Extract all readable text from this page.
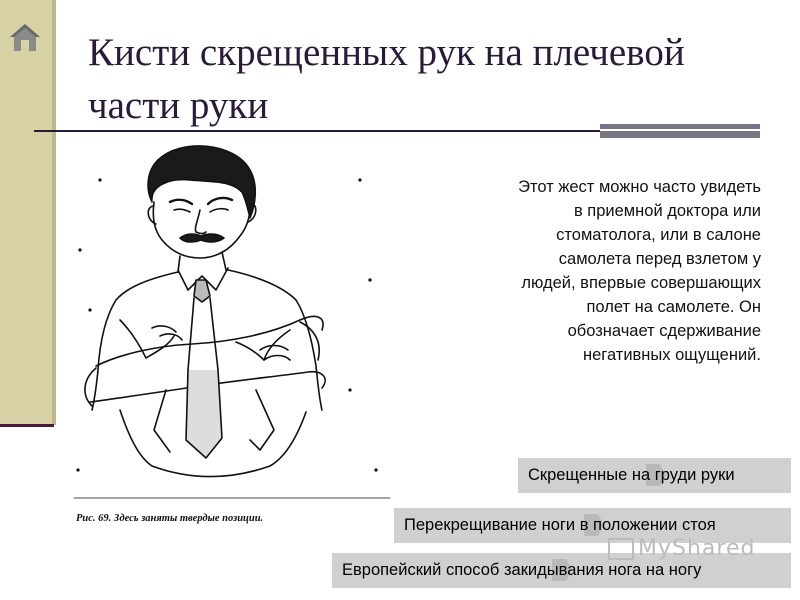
Кисти скрещенных рук на плечевой части руки
Рис. 69. Здесь заняты твердые позиции.

Этот жест можно часто увидеть в приемной доктора или стоматолога, или в салоне самолета перед взлетом у людей, впервые совершающих полет на самолете. Он обозначает сдерживание негативных ощущений.

Скрещенные на груди руки
Перекрещивание ноги в положении стоя
Европейский способ закидывания нога на ногу
MyShared
